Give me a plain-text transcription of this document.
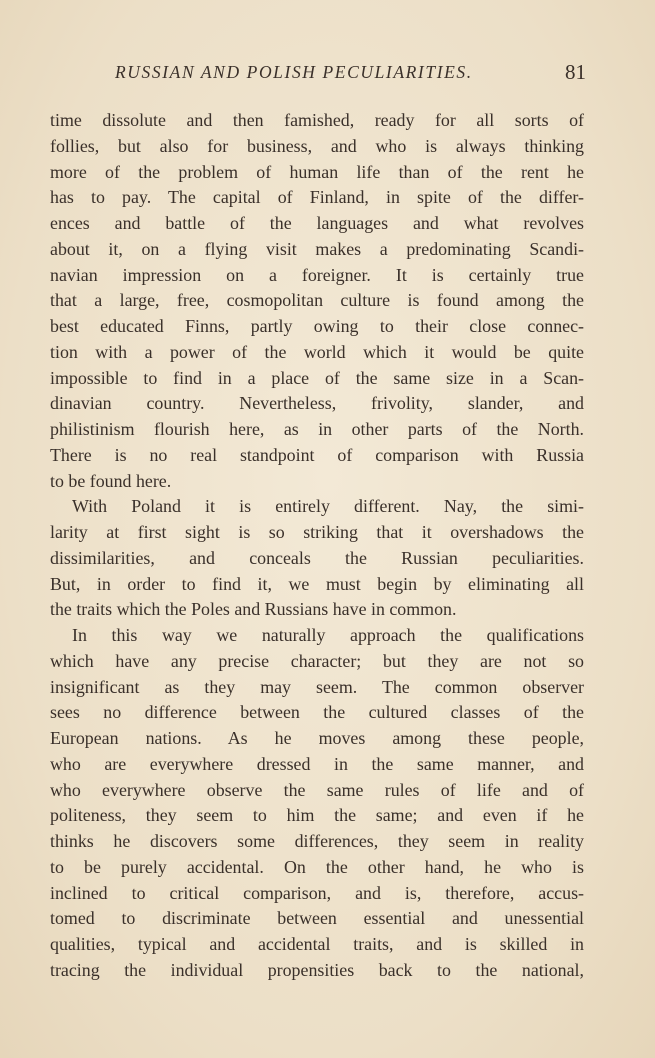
RUSSIAN AND POLISH PECULIARITIES.	81
time dissolute and then famished, ready for all sorts of
follies, but also for business, and who is always thinking
more of the problem of human life than of the rent he
has to pay. The capital of Finland, in spite of the differ-
ences and battle of the languages and what revolves
about it, on a flying visit makes a predominating Scandi-
navian impression on a foreigner. It is certainly true
that a large, free, cosmopolitan culture is found among the
best educated Finns, partly owing to their close connec-
tion with a power of the world which it would be quite
impossible to find in a place of the same size in a Scan-
dinavian country. Nevertheless, frivolity, slander, and
philistinism flourish here, as in other parts of the North.
There is no real standpoint of comparison with Russia
to be found here.
With Poland it is entirely different. Nay, the simi-
larity at first sight is so striking that it overshadows the
dissimilarities, and conceals the Russian peculiarities.
But, in order to find it, we must begin by eliminating all
the traits which the Poles and Russians have in common.
In this way we naturally approach the qualifications
which have any precise character; but they are not so
insignificant as they may seem. The common observer
sees no difference between the cultured classes of the
European nations. As he moves among these people,
who are everywhere dressed in the same manner, and
who everywhere observe the same rules of life and of
politeness, they seem to him the same; and even if he
thinks he discovers some differences, they seem in reality
to be purely accidental. On the other hand, he who is
inclined to critical comparison, and is, therefore, accus-
tomed to discriminate between essential and unessential
qualities, typical and accidental traits, and is skilled in
tracing the individual propensities back to the national,
